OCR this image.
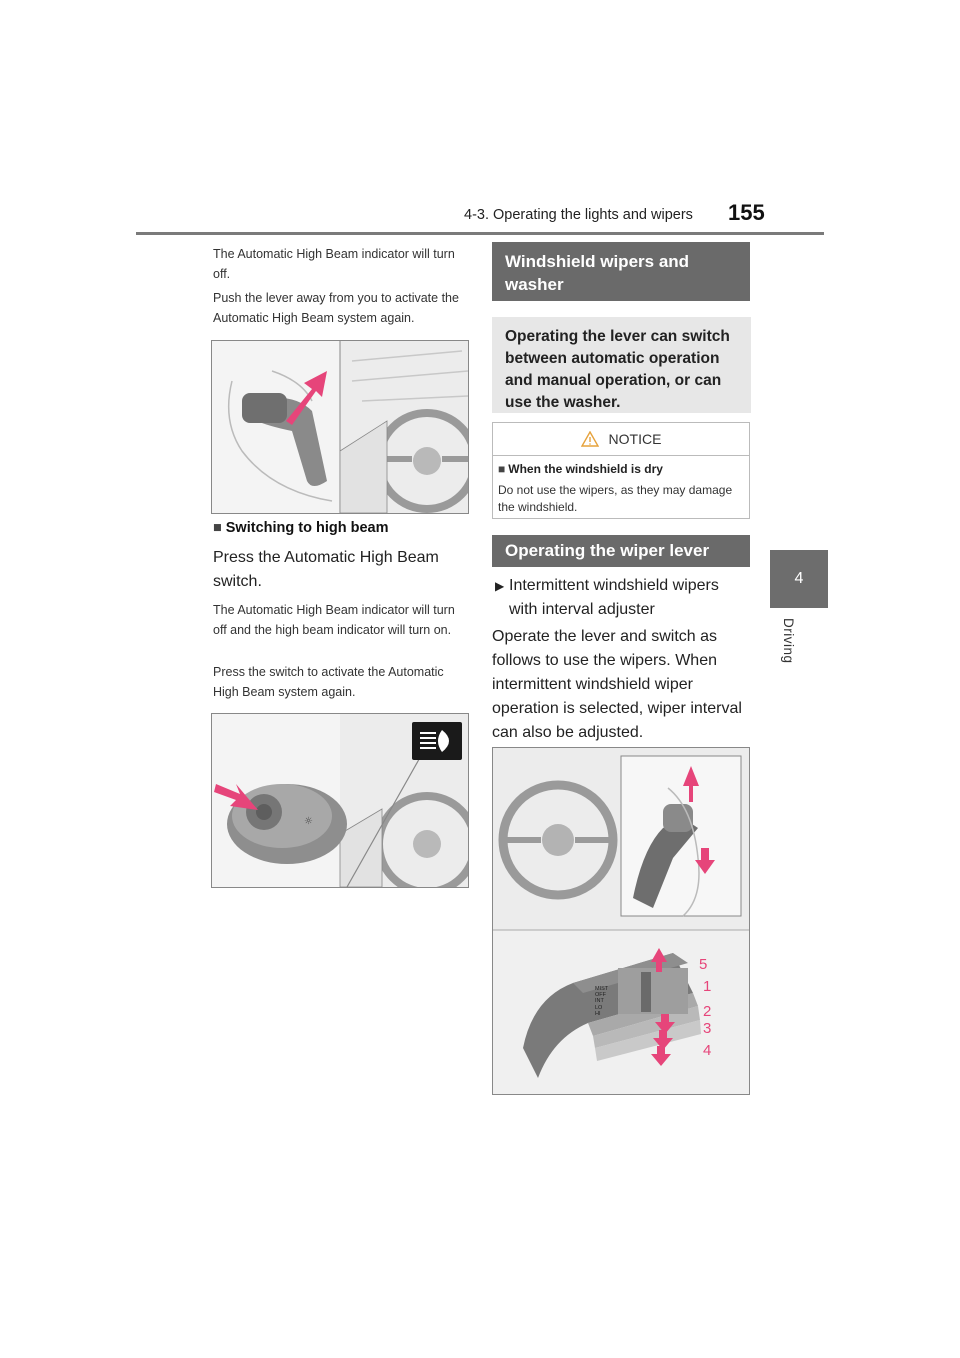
4-3. Operating the lights and wipers 155
4
Driving
The Automatic High Beam indicator will turn off.
Push the lever away from you to activate the Automatic High Beam system again.
■ Switching to high beam
Press the Automatic High Beam switch.
The Automatic High Beam indicator will turn off and the high beam indicator will turn on.
Press the switch to activate the Automatic High Beam system again.
☼
Windshield wipers and washer
Operating the lever can switch between automatic operation and manual operation, or can use the washer.
NOTICE
■ When the windshield is dry
Do not use the wipers, as they may damage the windshield.
Operating the wiper lever
▶ Intermittent windshield wipers with interval adjuster
Operate the lever and switch as follows to use the wipers. When intermittent windshield wiper operation is selected, wiper interval can also be adjusted.
MIST
OFF
INT
LO
HI
5
1
2
3
4
